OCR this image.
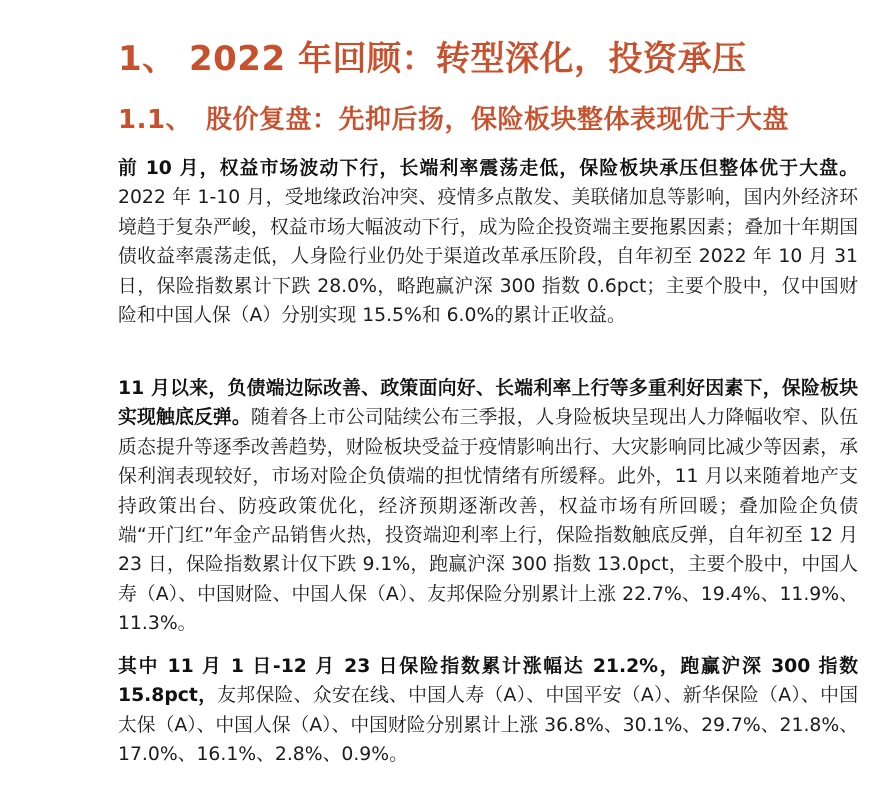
1、 2022 年回顾：转型深化，投资承压
1.1、 股价复盘：先抑后扬，保险板块整体表现优于大盘

前 10 月，权益市场波动下行，长端利率震荡走低，保险板块承压但整体优于大盘。2022 年 1-10 月，受地缘政治冲突、疫情多点散发、美联储加息等影响，国内外经济环境趋于复杂严峻，权益市场大幅波动下行，成为险企投资端主要拖累因素；叠加十年期国债收益率震荡走低，人身险行业仍处于渠道改革承压阶段，自年初至 2022 年 10 月 31 日，保险指数累计下跌 28.0%，略跑赢沪深 300 指数 0.6pct；主要个股中，仅中国财险和中国人保（A）分别实现 15.5%和 6.0%的累计正收益。

11 月以来，负债端边际改善、政策面向好、长端利率上行等多重利好因素下，保险板块实现触底反弹。随着各上市公司陆续公布三季报，人身险板块呈现出人力降幅收窄、队伍质态提升等逐季改善趋势，财险板块受益于疫情影响出行、大灾影响同比减少等因素，承保利润表现较好，市场对险企负债端的担忧情绪有所缓释。此外，11 月以来随着地产支持政策出台、防疫政策优化，经济预期逐渐改善，权益市场有所回暖；叠加险企负债端“开门红”年金产品销售火热，投资端迎利率上行，保险指数触底反弹，自年初至 12 月 23 日，保险指数累计仅下跌 9.1%，跑赢沪深 300 指数 13.0pct，主要个股中，中国人寿（A）、中国财险、中国人保（A）、友邦保险分别累计上涨 22.7%、19.4%、11.9%、11.3%。

其中 11 月 1 日-12 月 23 日保险指数累计涨幅达 21.2%，跑赢沪深 300 指数 15.8pct，友邦保险、众安在线、中国人寿（A）、中国平安（A）、新华保险（A）、中国太保（A）、中国人保（A）、中国财险分别累计上涨 36.8%、30.1%、29.7%、21.8%、17.0%、16.1%、2.8%、0.9%。
